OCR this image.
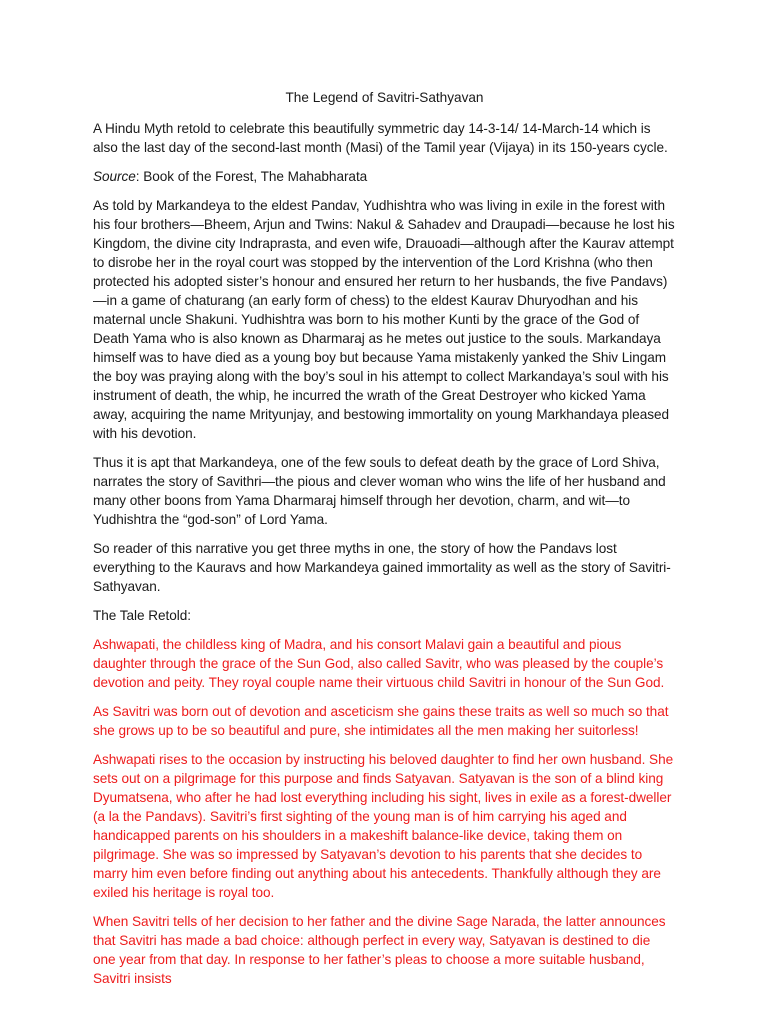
The Legend of Savitri-Sathyavan

A Hindu Myth retold to celebrate this beautifully symmetric day 14-3-14/ 14-March-14 which is also the last day of the second-last month (Masi) of the Tamil year (Vijaya) in its 150-years cycle.

Source: Book of the Forest, The Mahabharata

As told by Markandeya to the eldest Pandav, Yudhishtra who was living in exile in the forest with his four brothers—Bheem, Arjun and Twins: Nakul & Sahadev and Draupadi—because he lost his Kingdom, the divine city Indraprasta, and even wife, Drauoadi—although after the Kaurav attempt to disrobe her in the royal court was stopped by the intervention of the Lord Krishna (who then protected his adopted sister’s honour and ensured her return to her husbands, the five Pandavs)—in a game of chaturang (an early form of chess) to the eldest Kaurav Dhuryodhan and his maternal uncle Shakuni. Yudhishtra was born to his mother Kunti by the grace of the God of Death Yama who is also known as Dharmaraj as he metes out justice to the souls. Markandaya himself was to have died as a young boy but because Yama mistakenly yanked the Shiv Lingam the boy was praying along with the boy’s soul in his attempt to collect Markandaya’s soul with his instrument of death, the whip, he incurred the wrath of the Great Destroyer who kicked Yama away, acquiring the name Mrityunjay, and bestowing immortality on young Markhandaya pleased with his devotion.

Thus it is apt that Markandeya, one of the few souls to defeat death by the grace of Lord Shiva, narrates the story of Savithri—the pious and clever woman who wins the life of her husband and many other boons from Yama Dharmaraj himself through her devotion, charm, and wit—to Yudhishtra the “god-son” of Lord Yama.

So reader of this narrative you get three myths in one, the story of how the Pandavs lost everything to the Kauravs and how Markandeya gained immortality as well as the story of Savitri-Sathyavan.

The Tale Retold:

Ashwapati, the childless king of Madra, and his consort Malavi gain a beautiful and pious daughter through the grace of the Sun God, also called Savitr, who was pleased by the couple’s devotion and peity. They royal couple name their virtuous child Savitri in honour of the Sun God.

As Savitri was born out of devotion and asceticism she gains these traits as well so much so that she grows up to be so beautiful and pure, she intimidates all the men making her suitorless!

Ashwapati rises to the occasion by instructing his beloved daughter to find her own husband. She sets out on a pilgrimage for this purpose and finds Satyavan. Satyavan is the son of a blind king Dyumatsena, who after he had lost everything including his sight, lives in exile as a forest-dweller (a la the Pandavs). Savitri’s first sighting of the young man is of him carrying his aged and handicapped parents on his shoulders in a makeshift balance-like device, taking them on pilgrimage. She was so impressed by Satyavan’s devotion to his parents that she decides to marry him even before finding out anything about his antecedents. Thankfully although they are exiled his heritage is royal too.

When Savitri tells of her decision to her father and the divine Sage Narada, the latter announces that Savitri has made a bad choice: although perfect in every way, Satyavan is destined to die one year from that day. In response to her father’s pleas to choose a more suitable husband, Savitri insists
